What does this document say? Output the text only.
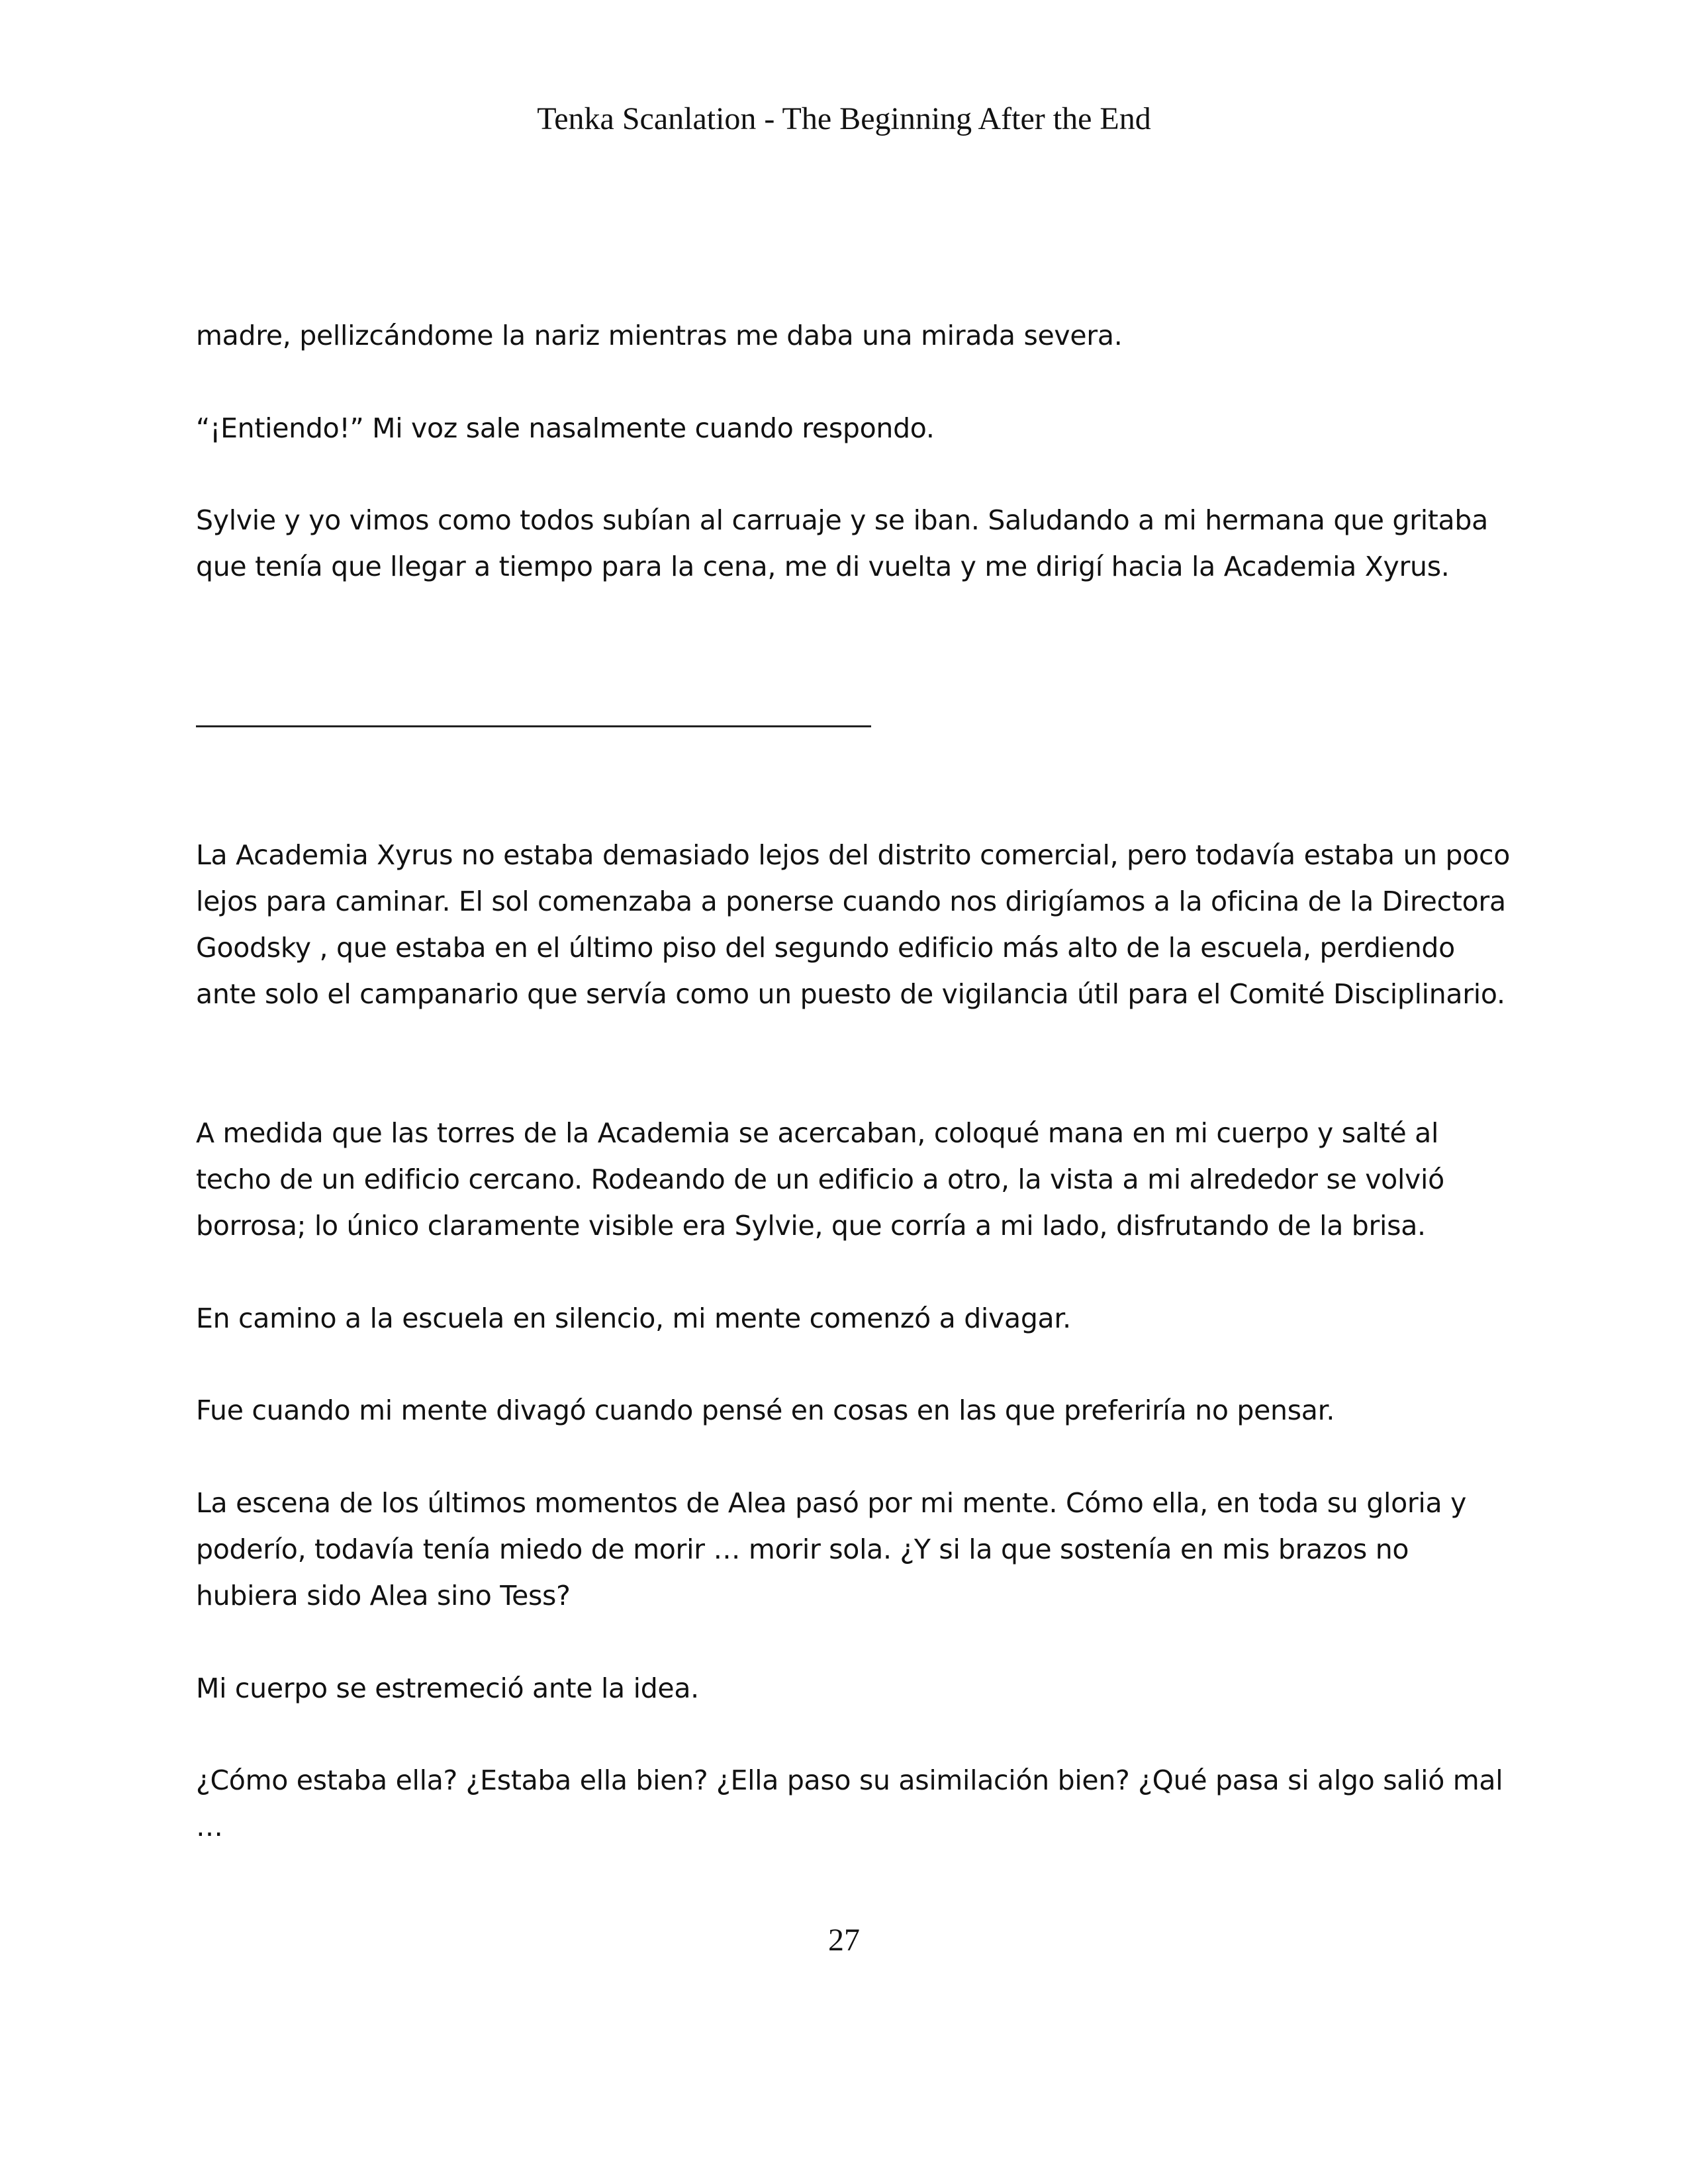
Tenka Scanlation - The Beginning After the End

madre, pellizcándome la nariz mientras me daba una mirada severa.

“¡Entiendo!” Mi voz sale nasalmente cuando respondo.

Sylvie y yo vimos como todos subían al carruaje y se iban. Saludando a mi hermana que gritaba que tenía que llegar a tiempo para la cena, me di vuelta y me dirigí hacia la Academia Xyrus.

La Academia Xyrus no estaba demasiado lejos del distrito comercial, pero todavía estaba un poco lejos para caminar. El sol comenzaba a ponerse cuando nos dirigíamos a la oficina de la Directora Goodsky , que estaba en el último piso del segundo edificio más alto de la escuela, perdiendo ante solo el campanario que servía como un puesto de vigilancia útil para el Comité Disciplinario.

A medida que las torres de la Academia se acercaban, coloqué mana en mi cuerpo y salté al techo de un edificio cercano. Rodeando de un edificio a otro, la vista a mi alrededor se volvió borrosa; lo único claramente visible era Sylvie, que corría a mi lado, disfrutando de la brisa.

En camino a la escuela en silencio, mi mente comenzó a divagar.

Fue cuando mi mente divagó cuando pensé en cosas en las que preferiría no pensar.

La escena de los últimos momentos de Alea pasó por mi mente. Cómo ella, en toda su gloria y poderío, todavía tenía miedo de morir … morir sola. ¿Y si la que sostenía en mis brazos no hubiera sido Alea sino Tess?

Mi cuerpo se estremeció ante la idea.

¿Cómo estaba ella? ¿Estaba ella bien? ¿Ella paso su asimilación bien? ¿Qué pasa si algo salió mal …

27
